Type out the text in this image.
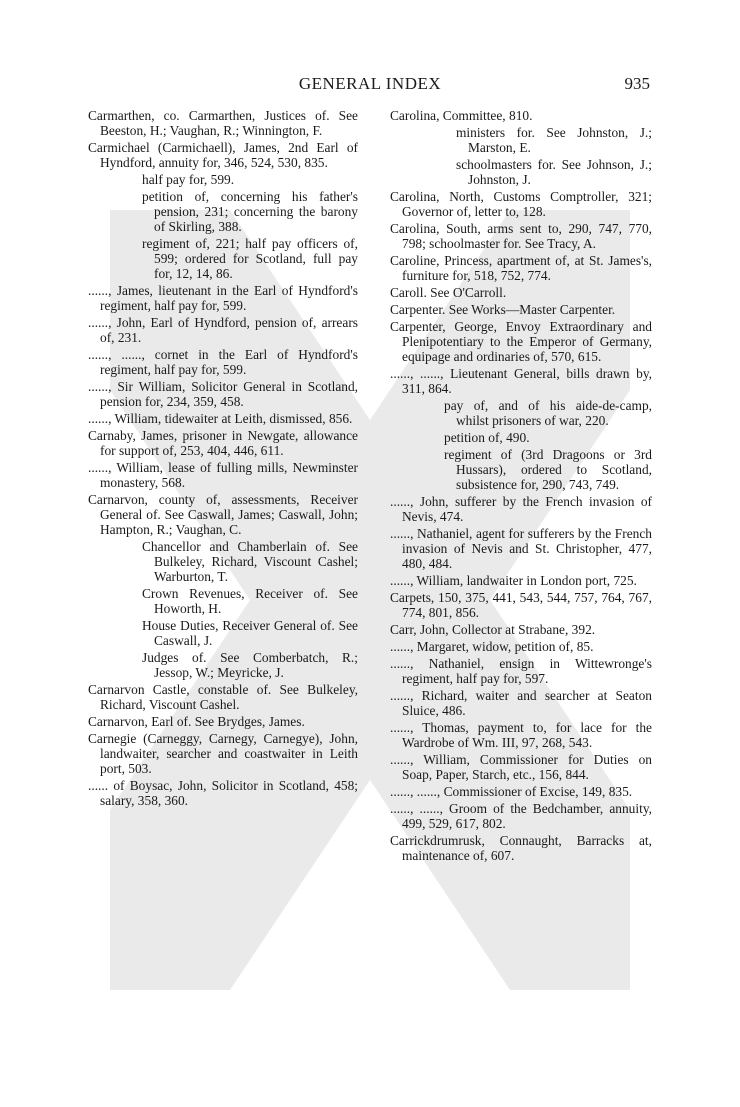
GENERAL INDEX	935

Carmarthen, co. Carmarthen, Justices of. See Beeston, H.; Vaughan, R.; Winnington, F.

Carmichael (Carmichaell), James, 2nd Earl of Hyndford, annuity for, 346, 524, 530, 835.

half pay for, 599.

petition of, concerning his father's pension, 231; concerning the barony of Skirling, 388.

regiment of, 221; half pay officers of, 599; ordered for Scotland, full pay for, 12, 14, 86.

......, James, lieutenant in the Earl of Hyndford's regiment, half pay for, 599.

......, John, Earl of Hyndford, pension of, arrears of, 231.

......, ......, cornet in the Earl of Hyndford's regiment, half pay for, 599.

......, Sir William, Solicitor General in Scotland, pension for, 234, 359, 458.

......, William, tidewaiter at Leith, dismissed, 856.

Carnaby, James, prisoner in Newgate, allowance for support of, 253, 404, 446, 611.

......, William, lease of fulling mills, Newminster monastery, 568.

Carnarvon, county of, assessments, Receiver General of. See Caswall, James; Caswall, John; Hampton, R.; Vaughan, C.

Chancellor and Chamberlain of. See Bulkeley, Richard, Viscount Cashel; Warburton, T.

Crown Revenues, Receiver of. See Howorth, H.

House Duties, Receiver General of. See Caswall, J.

Judges of. See Comberbatch, R.; Jessop, W.; Meyricke, J.

Carnarvon Castle, constable of. See Bulkeley, Richard, Viscount Cashel.

Carnarvon, Earl of. See Brydges, James.

Carnegie (Carneggy, Carnegy, Carnegye), John, landwaiter, searcher and coastwaiter in Leith port, 503.

...... of Boysac, John, Solicitor in Scotland, 458; salary, 358, 360.

Carolina, Committee, 810.

ministers for. See Johnston, J.; Marston, E.

schoolmasters for. See Johnson, J.; Johnston, J.

Carolina, North, Customs Comptroller, 321; Governor of, letter to, 128.

Carolina, South, arms sent to, 290, 747, 770, 798; schoolmaster for. See Tracy, A.

Caroline, Princess, apartment of, at St. James's, furniture for, 518, 752, 774.

Caroll. See O'Carroll.

Carpenter. See Works—Master Carpenter.

Carpenter, George, Envoy Extraordinary and Plenipotentiary to the Emperor of Germany, equipage and ordinaries of, 570, 615.

......, ......, Lieutenant General, bills drawn by, 311, 864.

pay of, and of his aide-de-camp, whilst prisoners of war, 220.

petition of, 490.

regiment of (3rd Dragoons or 3rd Hussars), ordered to Scotland, subsistence for, 290, 743, 749.

......, John, sufferer by the French invasion of Nevis, 474.

......, Nathaniel, agent for sufferers by the French invasion of Nevis and St. Christopher, 477, 480, 484.

......, William, landwaiter in London port, 725.

Carpets, 150, 375, 441, 543, 544, 757, 764, 767, 774, 801, 856.

Carr, John, Collector at Strabane, 392.

......, Margaret, widow, petition of, 85.

......, Nathaniel, ensign in Wittewronge's regiment, half pay for, 597.

......, Richard, waiter and searcher at Seaton Sluice, 486.

......, Thomas, payment to, for lace for the Wardrobe of Wm. III, 97, 268, 543.

......, William, Commissioner for Duties on Soap, Paper, Starch, etc., 156, 844.

......, ......, Commissioner of Excise, 149, 835.

......, ......, Groom of the Bedchamber, annuity, 499, 529, 617, 802.

Carrickdrumrusk, Connaught, Barracks at, maintenance of, 607.
